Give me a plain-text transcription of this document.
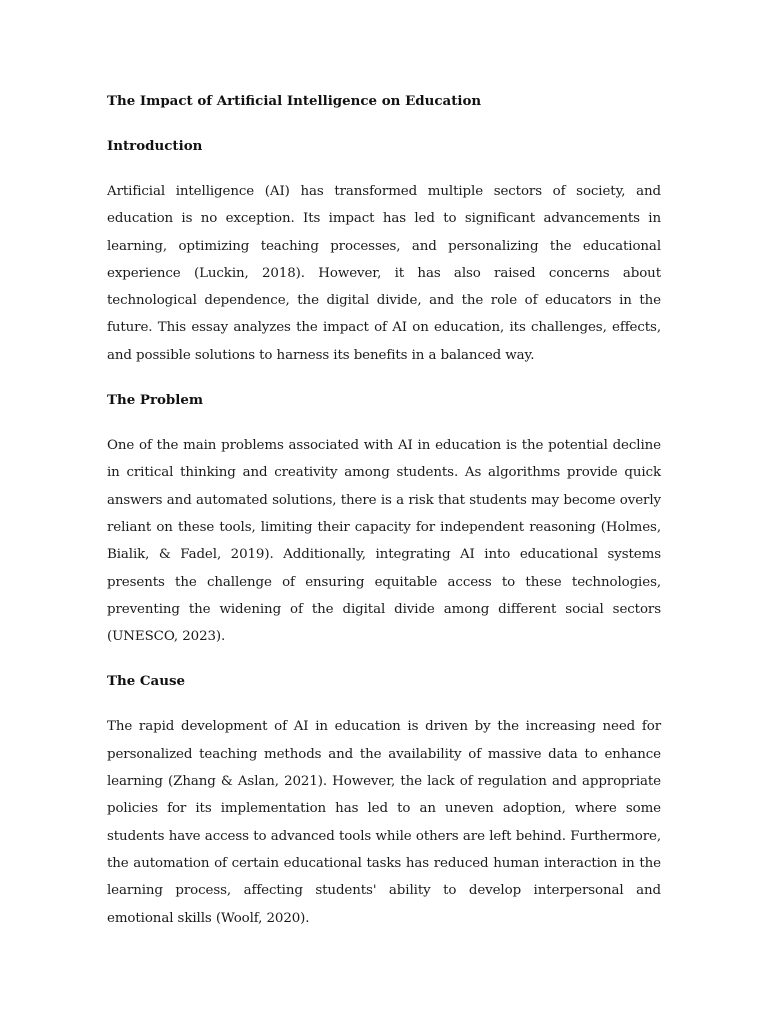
The Impact of Artificial Intelligence on Education
Introduction

Artificial intelligence (AI) has transformed multiple sectors of society, and education is no exception. Its impact has led to significant advancements in learning, optimizing teaching processes, and personalizing the educational experience (Luckin, 2018). However, it has also raised concerns about technological dependence, the digital divide, and the role of educators in the future. This essay analyzes the impact of AI on education, its challenges, effects, and possible solutions to harness its benefits in a balanced way.

The Problem

One of the main problems associated with AI in education is the potential decline in critical thinking and creativity among students. As algorithms provide quick answers and automated solutions, there is a risk that students may become overly reliant on these tools, limiting their capacity for independent reasoning (Holmes, Bialik, & Fadel, 2019). Additionally, integrating AI into educational systems presents the challenge of ensuring equitable access to these technologies, preventing the widening of the digital divide among different social sectors (UNESCO, 2023).

The Cause

The rapid development of AI in education is driven by the increasing need for personalized teaching methods and the availability of massive data to enhance learning (Zhang & Aslan, 2021). However, the lack of regulation and appropriate policies for its implementation has led to an uneven adoption, where some students have access to advanced tools while others are left behind. Furthermore, the automation of certain educational tasks has reduced human interaction in the learning process, affecting students' ability to develop interpersonal and emotional skills (Woolf, 2020).
